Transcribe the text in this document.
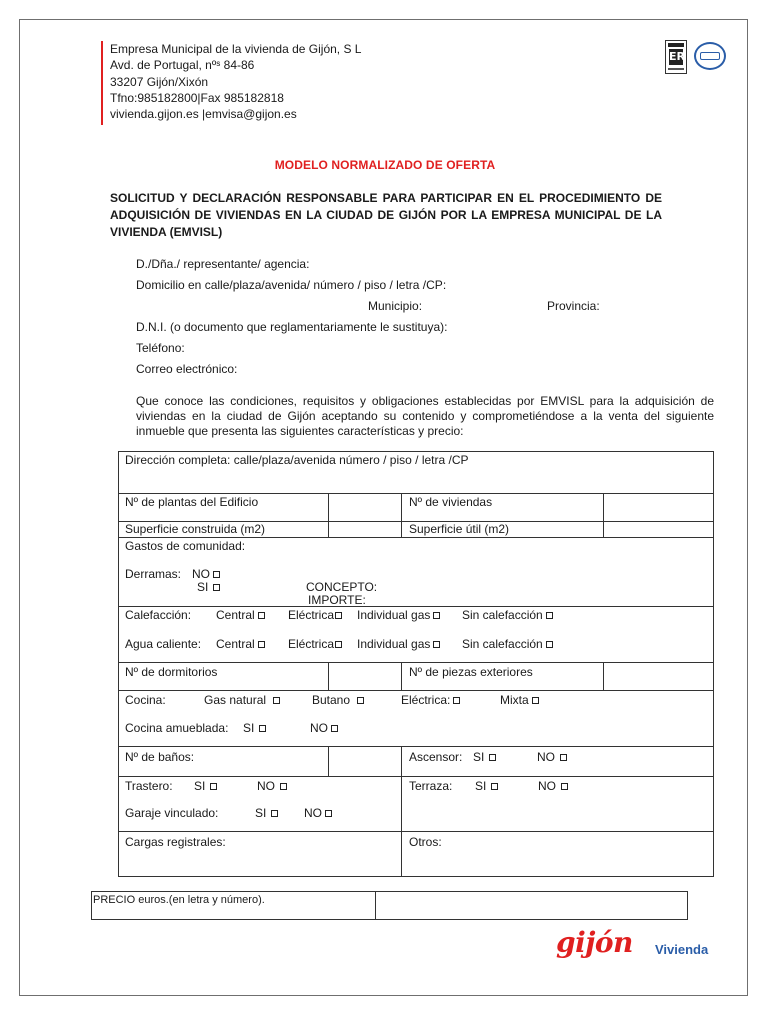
Empresa Municipal de la vivienda de Gijón, S L
Avd. de Portugal, nºˢ 84-86
33207 Gijón/Xixón
Tfno:985182800|Fax 985182818
vivienda.gijon.es |emvisa@gijon.es
ER
MODELO NORMALIZADO DE OFERTA
SOLICITUD Y DECLARACIÓN RESPONSABLE PARA PARTICIPAR EN EL PROCEDIMIENTO DE ADQUISICIÓN DE VIVIENDAS EN LA CIUDAD DE GIJÓN POR LA EMPRESA MUNICIPAL DE LA VIVIENDA (EMVISL)
D./Dña./ representante/ agencia:
Domicilio en calle/plaza/avenida/ número / piso / letra /CP:
Municipio:	Provincia:
D.N.I. (o documento que reglamentariamente le sustituya):
Teléfono:
Correo electrónico:
Que conoce las condiciones, requisitos y obligaciones establecidas por EMVISL para la adquisición de viviendas en la ciudad de Gijón aceptando su contenido y comprometiéndose a la venta del siguiente inmueble que presenta las siguientes características y precio:
Dirección completa: calle/plaza/avenida número / piso / letra /CP
Nº de plantas del Edificio	Nº de viviendas
Superficie construida (m2)	Superficie útil (m2)
Gastos de comunidad:
Derramas: NO
SI	CONCEPTO:
IMPORTE:
Calefacción: Central	Eléctrica	Individual gas	Sin calefacción
Agua caliente: Central	Eléctrica	Individual gas	Sin calefacción
Nº de dormitorios	Nº de piezas exteriores
Cocina:	Gas natural	Butano	Eléctrica:	Mixta
Cocina amueblada: SI	NO
Nº de baños:	Ascensor: SI	NO
Trastero: SI	NO	Terraza: SI	NO
Garaje vinculado:	SI	NO
Cargas registrales:	Otros:
PRECIO euros.(en letra y número).
gijón Vivienda
